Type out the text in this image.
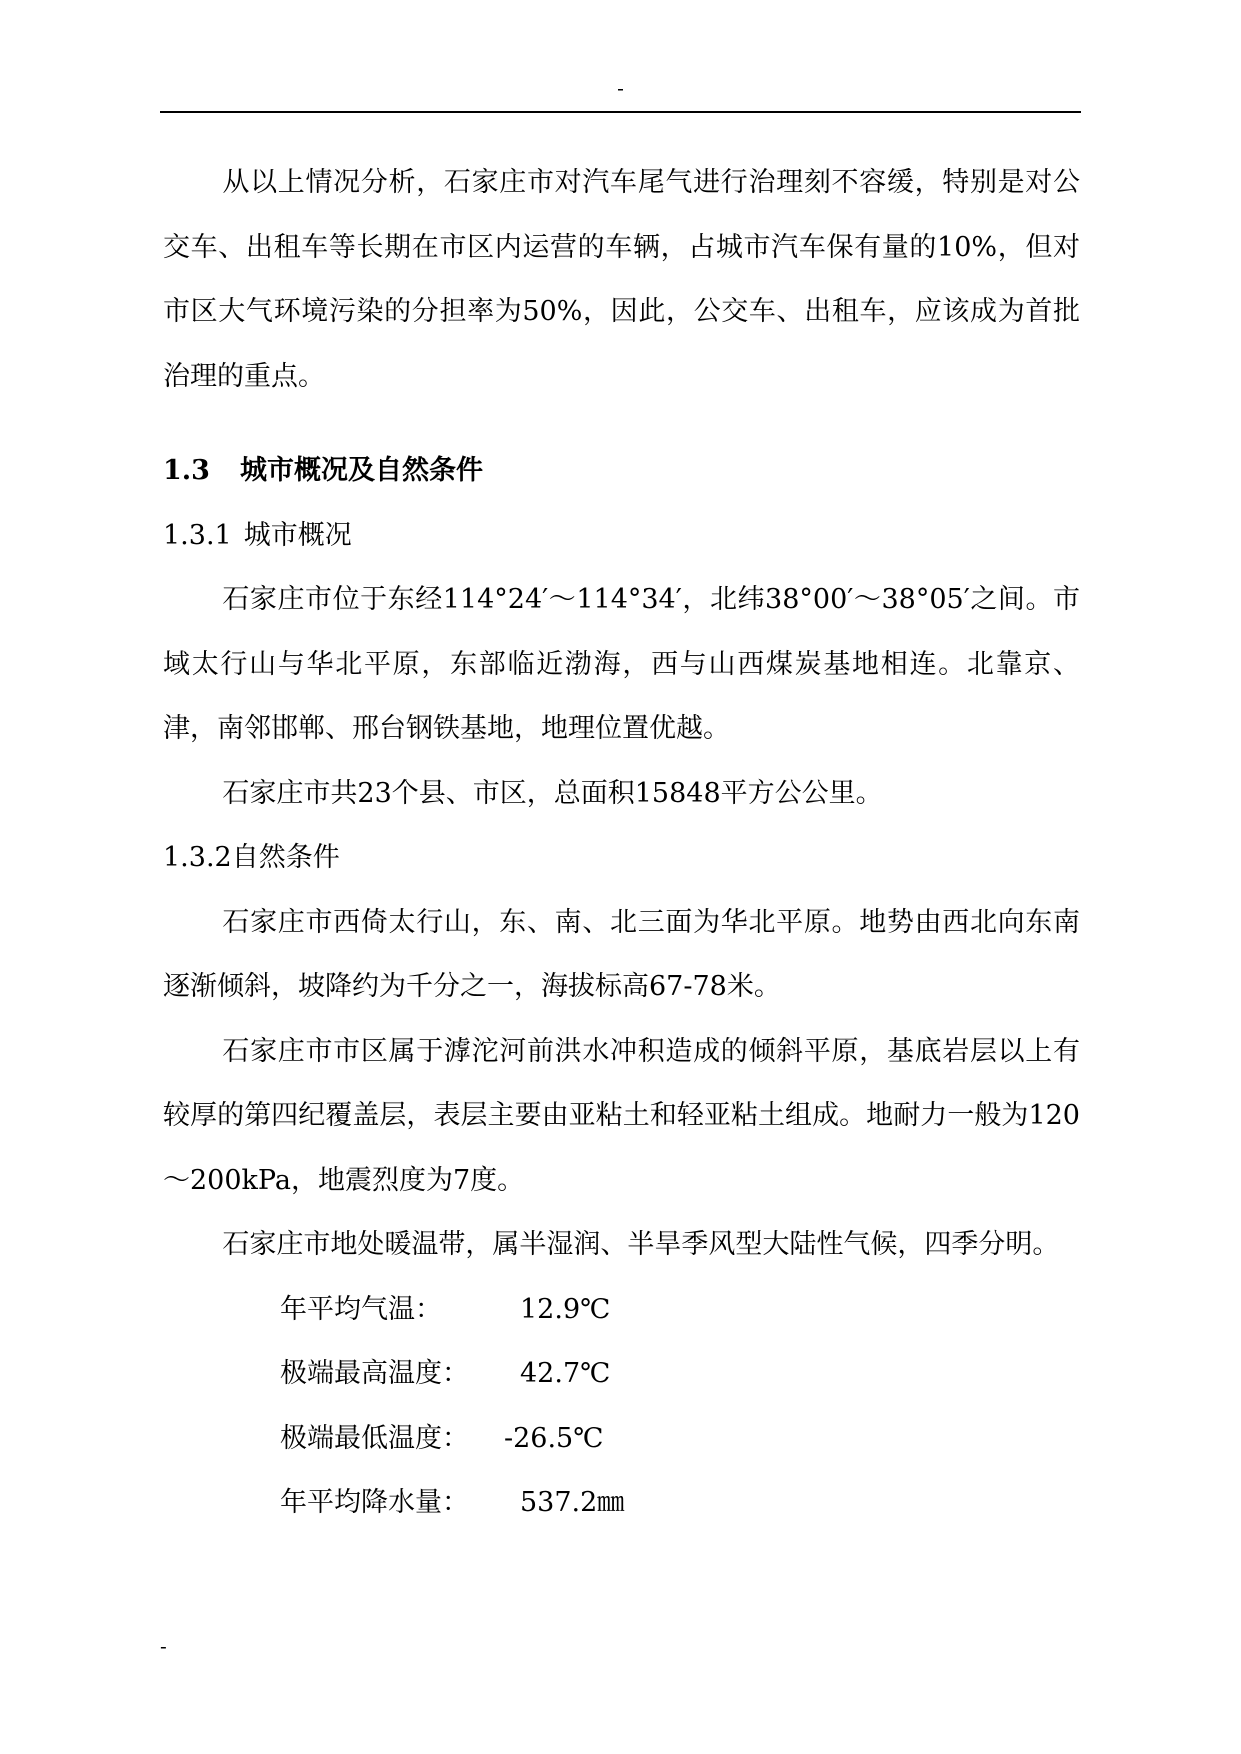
-

从以上情况分析，石家庄市对汽车尾气进行治理刻不容缓，特别是对公交车、出租车等长期在市区内运营的车辆，占城市汽车保有量的10%，但对市区大气环境污染的分担率为50%，因此，公交车、出租车，应该成为首批治理的重点。

1.3 城市概况及自然条件

1.3.1 城市概况

石家庄市位于东经114°24′～114°34′，北纬38°00′～38°05′之间。市域太行山与华北平原，东部临近渤海，西与山西煤炭基地相连。北靠京、津，南邻邯郸、邢台钢铁基地，地理位置优越。

石家庄市共23个县、市区，总面积15848平方公公里。

1.3.2自然条件

石家庄市西倚太行山，东、南、北三面为华北平原。地势由西北向东南逐渐倾斜，坡降约为千分之一，海拔标高67-78米。

石家庄市市区属于滹沱河前洪水冲积造成的倾斜平原，基底岩层以上有较厚的第四纪覆盖层，表层主要由亚粘土和轻亚粘土组成。地耐力一般为120～200kPa，地震烈度为7度。

石家庄市地处暖温带，属半湿润、半旱季风型大陆性气候，四季分明。

年平均气温：	12.9℃
极端最高温度：	42.7℃
极端最低温度：	-26.5℃
年平均降水量：	537.2㎜
-
